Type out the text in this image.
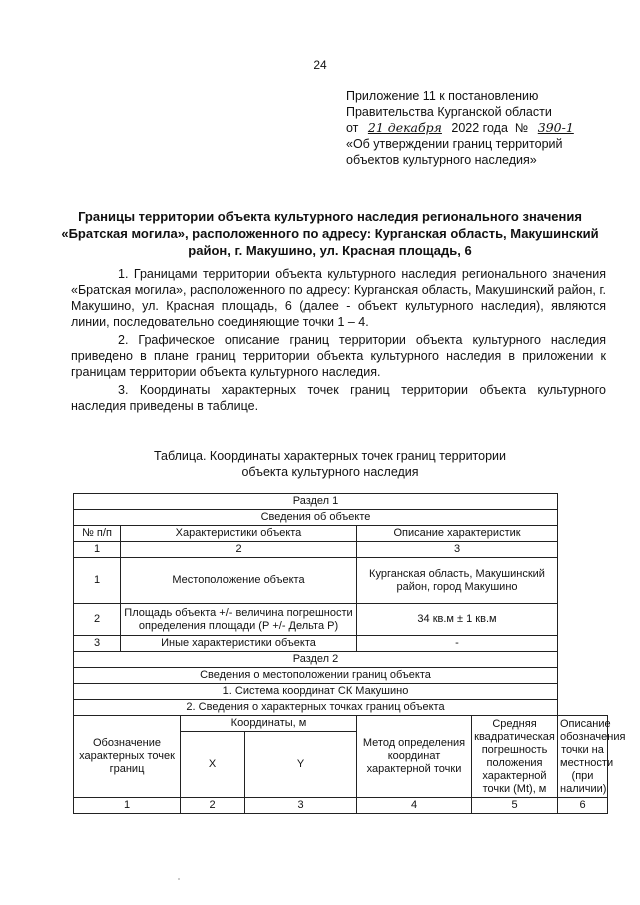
24
Приложение 11 к постановлению
Правительства Курганской области
от 21 декабря 2022 года № 390-1
«Об утверждении границ территорий
объектов культурного наследия»
Границы территории объекта культурного наследия регионального значения «Братская могила», расположенного по адресу: Курганская область, Макушинский район, г. Макушино, ул. Красная площадь, 6

1. Границами территории объекта культурного наследия регионального значения «Братская могила», расположенного по адресу: Курганская область, Макушинский район, г. Макушино, ул. Красная площадь, 6 (далее - объект культурного наследия), являются линии, последовательно соединяющие точки 1 – 4.

2. Графическое описание границ территории объекта культурного наследия приведено в плане границ территории объекта культурного наследия в приложении к границам территории объекта культурного наследия.

3. Координаты характерных точек границ территории объекта культурного наследия приведены в таблице.

Таблица. Координаты характерных точек границ территории
объекта культурного наследия
Раздел 1						
Сведения об объекте						
№ п/п	Характеристики объекта			Описание характеристик		
1	2			3		
1	Местоположение объекта			Курганская область, Макушинский район, город Макушино		
2	Площадь объекта +/- величина погрешности определения площади (Р +/- Дельта Р)			34 кв.м ± 1 кв.м		
3	Иные характеристики объекта			-		
Раздел 2						
Сведения о местоположении границ объекта						
1. Система координат СК Макушино						
2. Сведения о характерных точках границ объекта						
Обозначение характерных точек границ		Координаты, м		Метод определения координат характерной точки	Средняя квадратическая погрешность положения характерной точки (Mt), м	Описание обозначения точки на местности (при наличии)
		X	Y			
1		2	3	4	5	6
